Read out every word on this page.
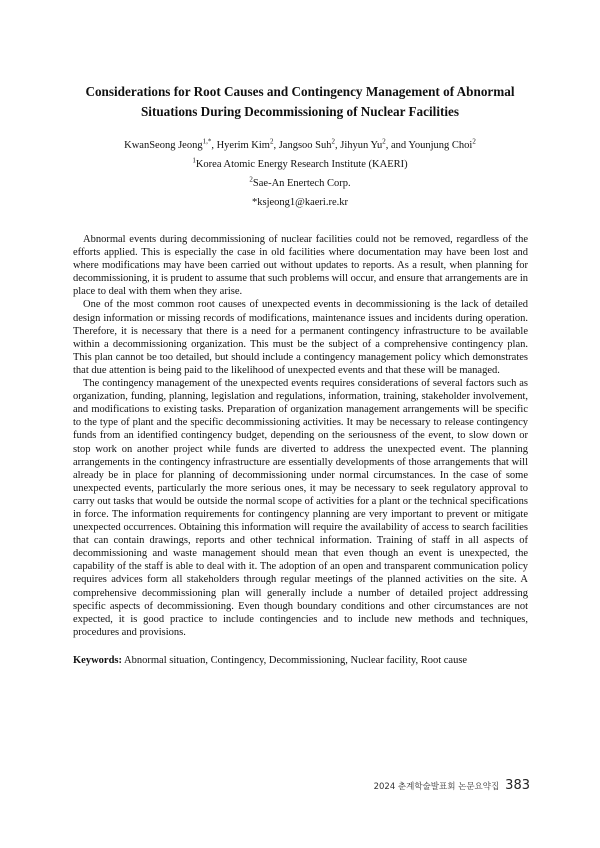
Considerations for Root Causes and Contingency Management of Abnormal
Situations During Decommissioning of Nuclear Facilities
KwanSeong Jeong$^{1,*}$, Hyerim Kim$^2$, Jangsoo Suh$^2$, Jihyun Yu$^2$, and Younjung Choi$^2$
$^1$Korea Atomic Energy Research Institute (KAERI)
$^2$Sae-An Enertech Corp.
*ksjeong1@kaeri.re.kr

Abnormal events during decommissioning of nuclear facilities could not be removed, regardless of the efforts applied. This is especially the case in old facilities where documentation may have been lost and where modifications may have been carried out without updates to reports. As a result, when planning for decommissioning, it is prudent to assume that such problems will occur, and ensure that arrangements are in place to deal with them when they arise.

One of the most common root causes of unexpected events in decommissioning is the lack of detailed design information or missing records of modifications, maintenance issues and incidents during operation. Therefore, it is necessary that there is a need for a permanent contingency infrastructure to be available within a decommissioning organization. This must be the subject of a comprehensive contingency plan. This plan cannot be too detailed, but should include a contingency management policy which demonstrates that due attention is being paid to the likelihood of unexpected events and that these will be managed.

The contingency management of the unexpected events requires considerations of several factors such as organization, funding, planning, legislation and regulations, information, training, stakeholder involvement, and modifications to existing tasks. Preparation of organization management arrangements will be specific to the type of plant and the specific decommissioning activities. It may be necessary to release contingency funds from an identified contingency budget, depending on the seriousness of the event, to slow down or stop work on another project while funds are diverted to address the unexpected event. The planning arrangements in the contingency infrastructure are essentially developments of those arrangements that will already be in place for planning of decommissioning under normal circumstances. In the case of some unexpected events, particularly the more serious ones, it may be necessary to seek regulatory approval to carry out tasks that would be outside the normal scope of activities for a plant or the technical specifications in force. The information requirements for contingency planning are very important to prevent or mitigate unexpected occurrences. Obtaining this information will require the availability of access to search facilities that can contain drawings, reports and other technical information. Training of staff in all aspects of decommissioning and waste management should mean that even though an event is unexpected, the capability of the staff is able to deal with it. The adoption of an open and transparent communication policy requires advices form all stakeholders through regular meetings of the planned activities on the site. A comprehensive decommissioning plan will generally include a number of detailed project addressing specific aspects of decommissioning. Even though boundary conditions and other circumstances are not expected, it is good practice to include contingencies and to include new methods and techniques, procedures and provisions.

Keywords: Abnormal situation, Contingency, Decommissioning, Nuclear facility, Root cause
2024 춘계학술발표회 논문요약집 383
